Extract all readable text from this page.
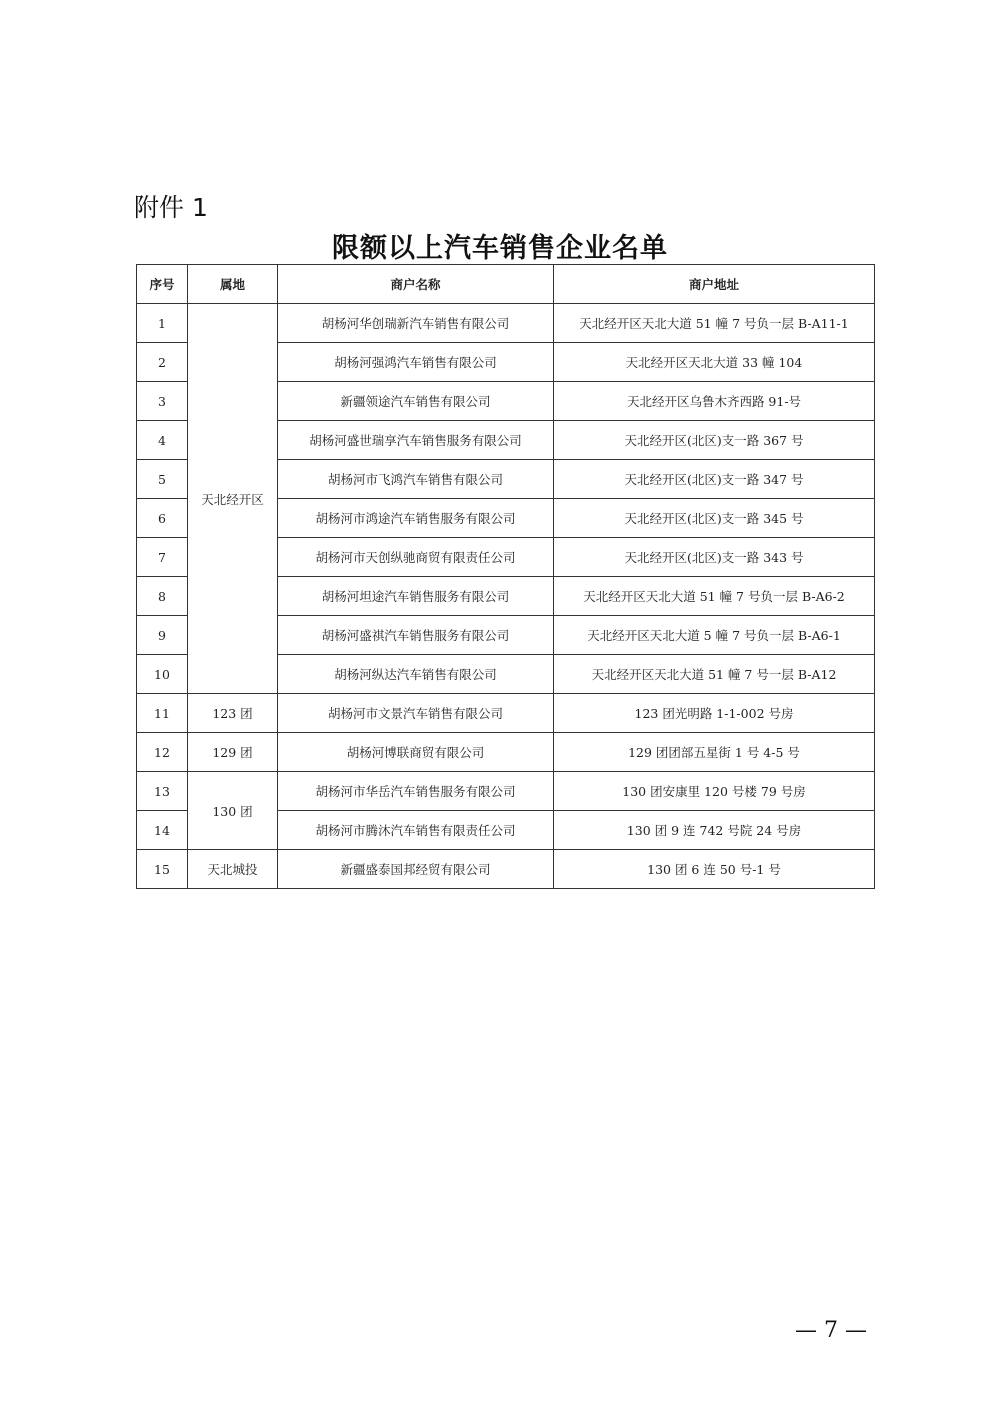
附件 1
限额以上汽车销售企业名单
序号	属地	商户名称	商户地址
1	天北经开区	胡杨河华创瑞新汽车销售有限公司	天北经开区天北大道 51 幢 7 号负一层 B-A11-1
2		胡杨河强鸿汽车销售有限公司	天北经开区天北大道 33 幢 104
3		新疆领途汽车销售有限公司	天北经开区乌鲁木齐西路 91-号
4		胡杨河盛世瑞享汽车销售服务有限公司	天北经开区(北区)支一路 367 号
5		胡杨河市飞鸿汽车销售有限公司	天北经开区(北区)支一路 347 号
6		胡杨河市鸿途汽车销售服务有限公司	天北经开区(北区)支一路 345 号
7		胡杨河市天创纵驰商贸有限责任公司	天北经开区(北区)支一路 343 号
8		胡杨河坦途汽车销售服务有限公司	天北经开区天北大道 51 幢 7 号负一层 B-A6-2
9		胡杨河盛祺汽车销售服务有限公司	天北经开区天北大道 5 幢 7 号负一层 B-A6-1
10		胡杨河纵达汽车销售有限公司	天北经开区天北大道 51 幢 7 号一层 B-A12
11	123 团	胡杨河市文景汽车销售有限公司	123 团光明路 1-1-002 号房
12	129 团	胡杨河博联商贸有限公司	129 团团部五星街 1 号 4-5 号
13	130 团	胡杨河市华岳汽车销售服务有限公司	130 团安康里 120 号楼 79 号房
14		胡杨河市腾沐汽车销售有限责任公司	130 团 9 连 742 号院 24 号房
15	天北城投	新疆盛泰国邦经贸有限公司	130 团 6 连 50 号-1 号
— 7 —
